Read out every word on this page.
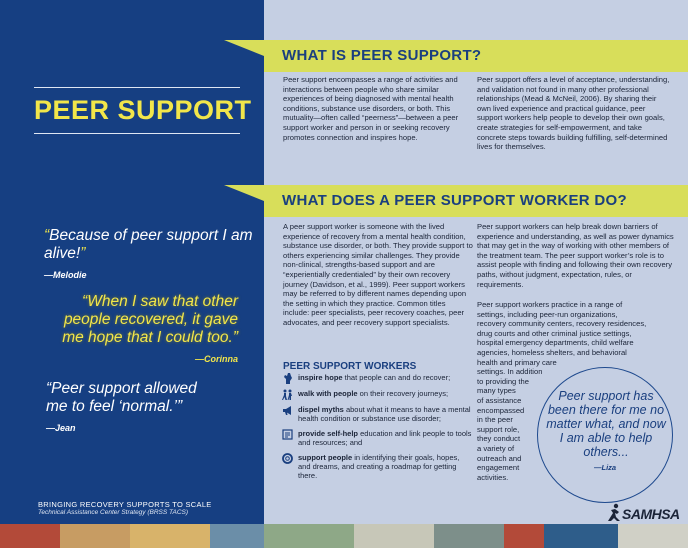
PEER SUPPORT
“Because of peer support I am alive!”
—Melodie
“When I saw that other people recovered, it gave me hope that I could too.”
—Corinna
“Peer support allowed me to feel ‘normal.’”
—Jean
BRINGING RECOVERY SUPPORTS TO SCALE
Technical Assistance Center Strategy (BRSS TACS)
WHAT IS PEER SUPPORT?
Peer support encompasses a range of activities and interactions between people who share similar experiences of being diagnosed with mental health conditions, substance use disorders, or both. This mutuality—often called “peerness”—between a peer support worker and person in or seeking recovery promotes connection and inspires hope.
Peer support offers a level of acceptance, understanding, and validation not found in many other professional relationships (Mead & McNeil, 2006). By sharing their own lived experience and practical guidance, peer support workers help people to develop their own goals, create strategies for self-empowerment, and take concrete steps towards building fulfilling, self-determined lives for themselves.
WHAT DOES A PEER SUPPORT WORKER DO?
A peer support worker is someone with the lived experience of recovery from a mental health condition, substance use disorder, or both. They provide support to others experiencing similar challenges. They provide non-clinical, strengths-based support and are “experientially credentialed” by their own recovery journey (Davidson, et al., 1999). Peer support workers may be referred to by different names depending upon the setting in which they practice. Common titles include: peer specialists, peer recovery coaches, peer advocates, and peer recovery support specialists.
Peer support workers can help break down barriers of experience and understanding, as well as power dynamics that may get in the way of working with other members of the treatment team. The peer support worker’s role is to assist people with finding and following their own recovery paths, without judgment, expectation, rules, or requirements.
Peer support workers practice in a range of
settings, including peer-run organizations,
recovery community centers, recovery residences,
drug courts and other criminal justice settings,
hospital emergency departments, child welfare
agencies, homeless shelters, and behavioral
health and primary care
settings. In addition
to providing the
many types
of assistance
encompassed
in the peer
support role,
they conduct
a variety of
outreach and
engagement
activities.
PEER SUPPORT WORKERS
inspire hope that people can and do recover;
walk with people on their recovery journeys;
dispel myths about what it means to have a mental health condition or substance use disorder;
provide self-help education and link people to tools and resources; and
support people in identifying their goals, hopes, and dreams, and creating a roadmap for getting there.
Peer support has been there for me no matter what, and now I am able to help others...
—Liza
SAMHSA
